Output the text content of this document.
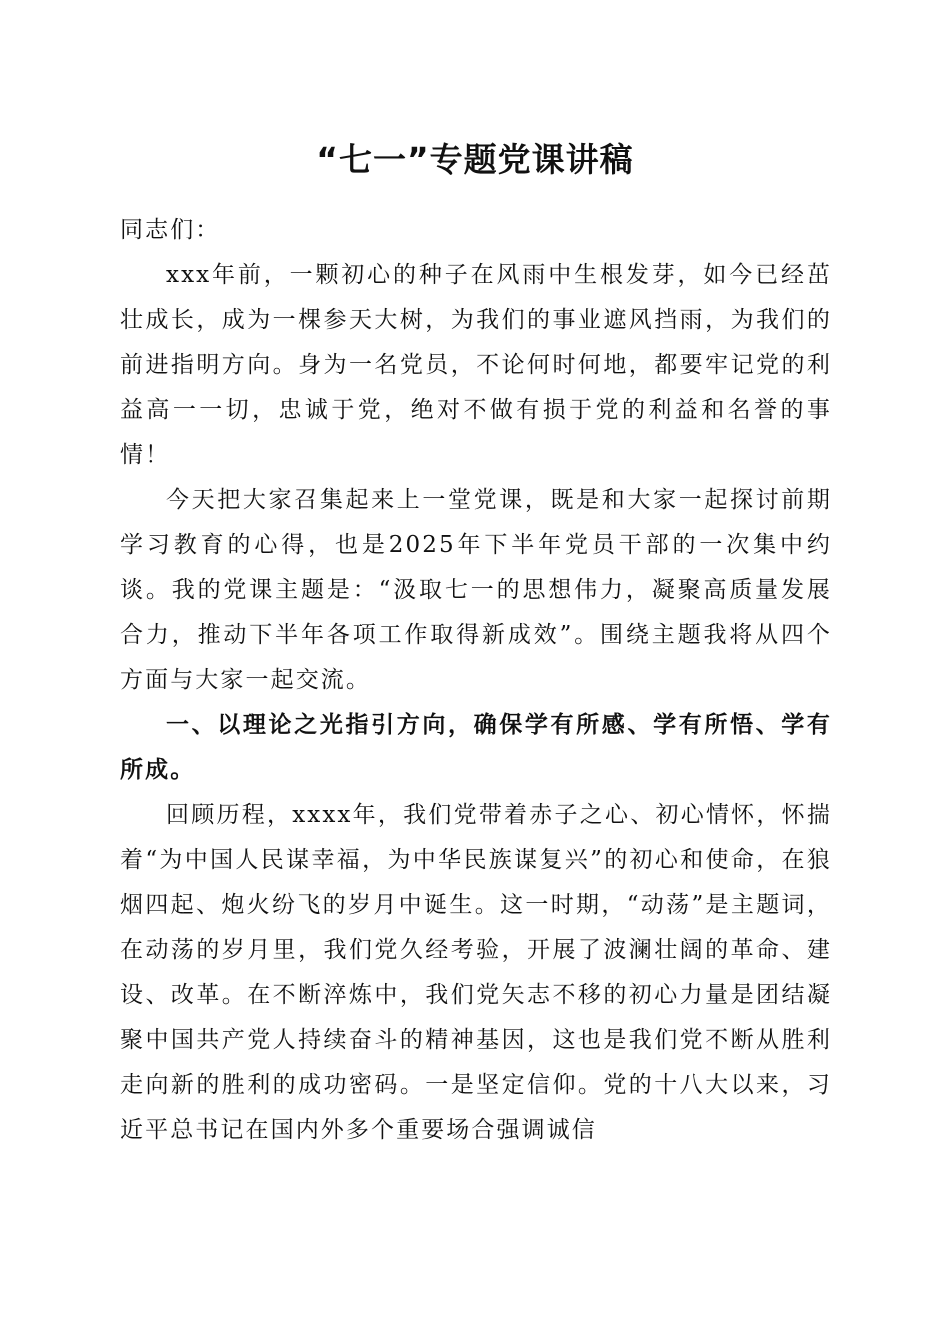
“七一”专题党课讲稿

同志们：

xxx年前，一颗初心的种子在风雨中生根发芽，如今已经茁壮成长，成为一棵参天大树，为我们的事业遮风挡雨，为我们的前进指明方向。身为一名党员，不论何时何地，都要牢记党的利益高一一切，忠诚于党，绝对不做有损于党的利益和名誉的事情！

今天把大家召集起来上一堂党课，既是和大家一起探讨前期学习教育的心得，也是2025年下半年党员干部的一次集中约谈。我的党课主题是：“汲取七一的思想伟力，凝聚高质量发展合力，推动下半年各项工作取得新成效”。围绕主题我将从四个方面与大家一起交流。

一、以理论之光指引方向，确保学有所感、学有所悟、学有所成。

回顾历程，xxxx年，我们党带着赤子之心、初心情怀，怀揣着“为中国人民谋幸福，为中华民族谋复兴”的初心和使命，在狼烟四起、炮火纷飞的岁月中诞生。这一时期，“动荡”是主题词，在动荡的岁月里，我们党久经考验，开展了波澜壮阔的革命、建设、改革。在不断淬炼中，我们党矢志不移的初心力量是团结凝聚中国共产党人持续奋斗的精神基因，这也是我们党不断从胜利走向新的胜利的成功密码。一是坚定信仰。党的十八大以来，习近平总书记在国内外多个重要场合强调诚信
